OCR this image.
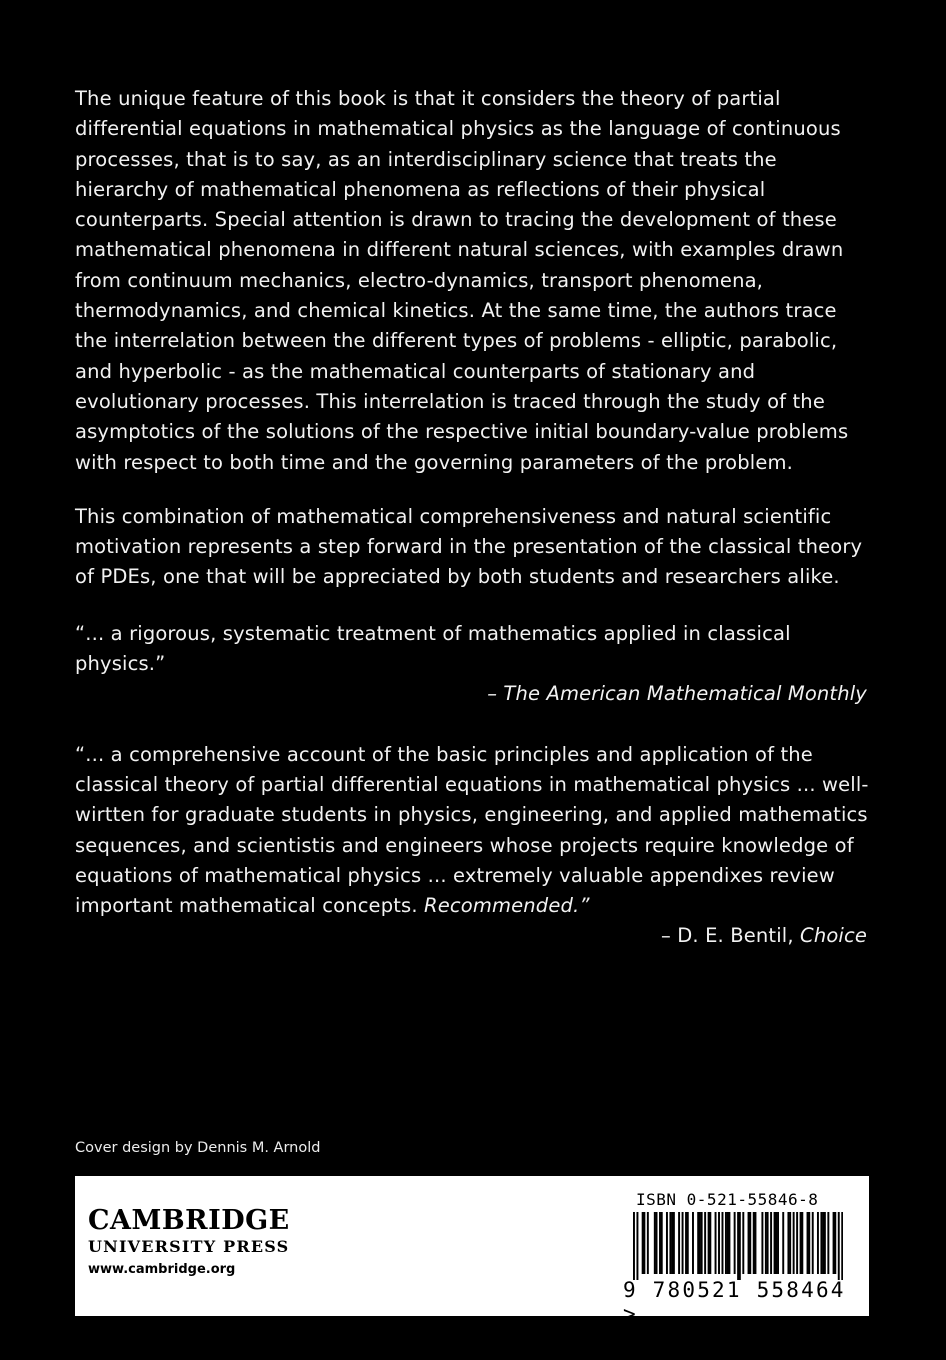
The unique feature of this book is that it considers the theory of partial differential equations in mathematical physics as the language of continuous processes, that is to say, as an interdisciplinary science that treats the hierarchy of mathematical phenomena as reflections of their physical counterparts. Special attention is drawn to tracing the development of these mathematical phenomena in different natural sciences, with examples drawn from continuum mechanics, electro-dynamics, transport phenomena, thermodynamics, and chemical kinetics. At the same time, the authors trace the interrelation between the different types of problems - elliptic, parabolic, and hyperbolic - as the mathematical counterparts of stationary and evolutionary processes. This interrelation is traced through the study of the asymptotics of the solutions of the respective initial boundary-value problems with respect to both time and the governing parameters of the problem.

This combination of mathematical comprehensiveness and natural scientific motivation represents a step forward in the presentation of the classical theory of PDEs, one that will be appreciated by both students and researchers alike.

“... a rigorous, systematic treatment of mathematics applied in classical physics.”
– The American Mathematical Monthly
“... a comprehensive account of the basic principles and application of the classical theory of partial differential equations in mathematical physics ... well-wirtten for graduate students in physics, engineering, and applied mathematics sequences, and scientistis and engineers whose projects require knowledge of equations of mathematical physics ... extremely valuable appendixes review important mathematical concepts. Recommended.”
– D. E. Bentil, Choice
Cover design by Dennis M. Arnold
CAMBRIDGE
UNIVERSITY PRESS
www.cambridge.org
ISBN 0-521-55846-8
9 780521 558464 >
